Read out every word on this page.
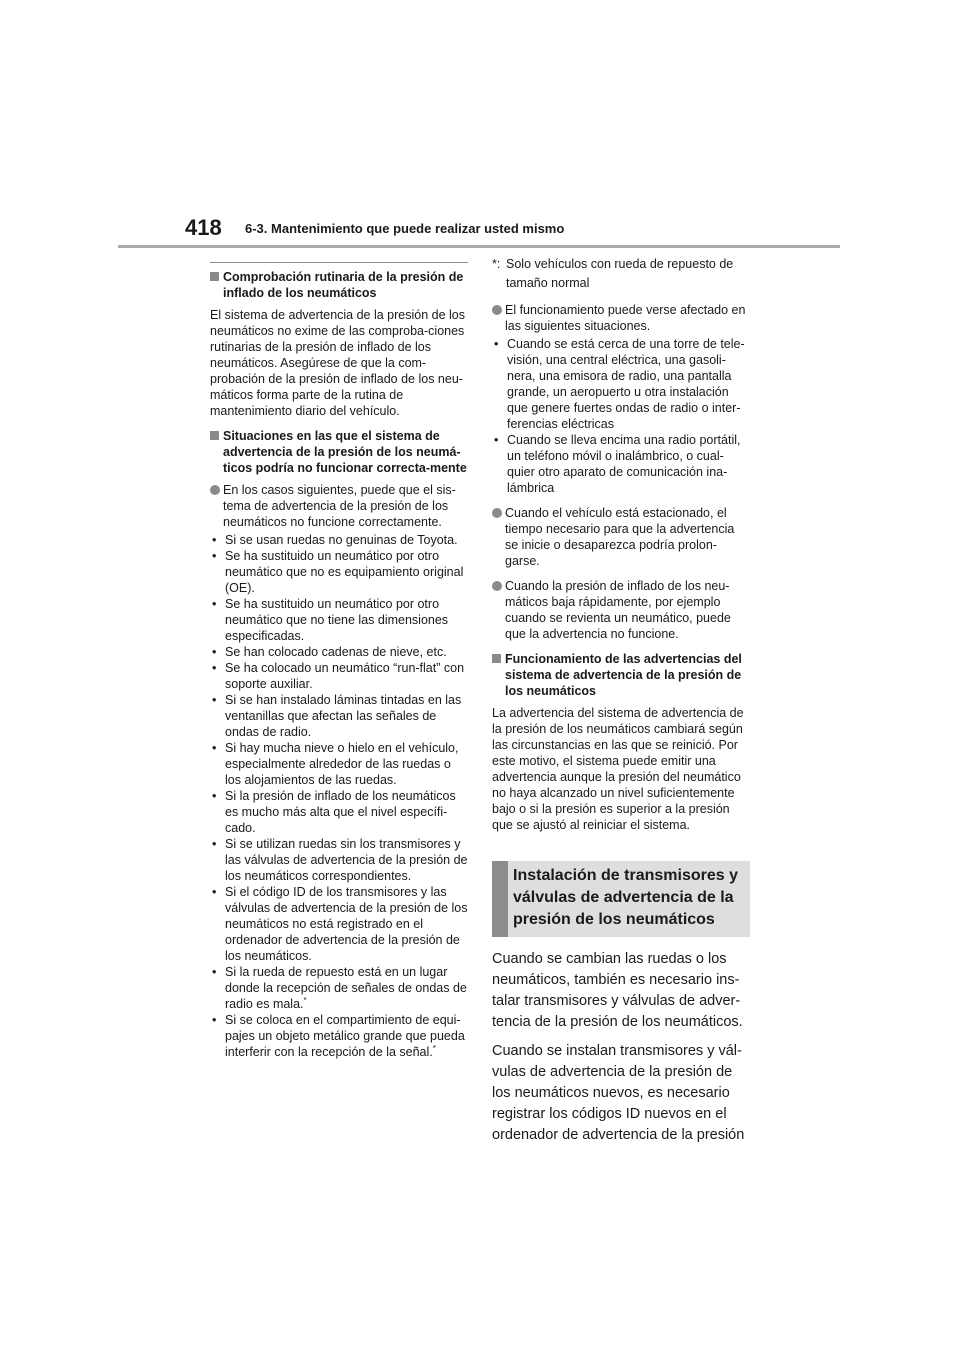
418 6-3. Mantenimiento que puede realizar usted mismo
Comprobación rutinaria de la presión de inflado de los neumáticos

El sistema de advertencia de la presión de los neumáticos no exime de las comproba-ciones rutinarias de la presión de inflado de los neumáticos. Asegúrese de que la com-probación de la presión de inflado de los neu-máticos forma parte de la rutina de mantenimiento diario del vehículo.

Situaciones en las que el sistema de advertencia de la presión de los neumá-ticos podría no funcionar correcta-mente
En los casos siguientes, puede que el sis-tema de advertencia de la presión de los neumáticos no funcione correctamente.
• Si se usan ruedas no genuinas de Toyota.
• Se ha sustituido un neumático por otro neumático que no es equipamiento original (OE).
• Se ha sustituido un neumático por otro neumático que no tiene las dimensiones especificadas.
• Se han colocado cadenas de nieve, etc.
• Se ha colocado un neumático “run-flat” con soporte auxiliar.
• Si se han instalado láminas tintadas en las ventanillas que afectan las señales de ondas de radio.
• Si hay mucha nieve o hielo en el vehículo, especialmente alrededor de las ruedas o los alojamientos de las ruedas.
• Si la presión de inflado de los neumáticos es mucho más alta que el nivel específi-cado.
• Si se utilizan ruedas sin los transmisores y las válvulas de advertencia de la presión de los neumáticos correspondientes.
• Si el código ID de los transmisores y las válvulas de advertencia de la presión de los neumáticos no está registrado en el ordenador de advertencia de la presión de los neumáticos.
• Si la rueda de repuesto está en un lugar donde la recepción de señales de ondas de radio es mala.*
• Si se coloca en el compartimiento de equi-pajes un objeto metálico grande que pueda interferir con la recepción de la señal.*
*: Solo vehículos con rueda de repuesto de tamaño normal
El funcionamiento puede verse afectado en las siguientes situaciones.
• Cuando se está cerca de una torre de tele-visión, una central eléctrica, una gasoli-nera, una emisora de radio, una pantalla grande, un aeropuerto u otra instalación que genere fuertes ondas de radio o inter-ferencias eléctricas
• Cuando se lleva encima una radio portátil, un teléfono móvil o inalámbrico, o cual-quier otro aparato de comunicación ina-lámbrica
Cuando el vehículo está estacionado, el tiempo necesario para que la advertencia se inicie o desaparezca podría prolon-garse.
Cuando la presión de inflado de los neu-máticos baja rápidamente, por ejemplo cuando se revienta un neumático, puede que la advertencia no funcione.
Funcionamiento de las advertencias del sistema de advertencia de la presión de los neumáticos

La advertencia del sistema de advertencia de la presión de los neumáticos cambiará según las circunstancias en las que se reinició. Por este motivo, el sistema puede emitir una advertencia aunque la presión del neumático no haya alcanzado un nivel suficientemente bajo o si la presión es superior a la presión que se ajustó al reiniciar el sistema.

Instalación de transmisores y válvulas de advertencia de la presión de los neumáticos

Cuando se cambian las ruedas o los neumáticos, también es necesario ins-talar transmisores y válvulas de adver-tencia de la presión de los neumáticos.

Cuando se instalan transmisores y vál-vulas de advertencia de la presión de los neumáticos nuevos, es necesario registrar los códigos ID nuevos en el ordenador de advertencia de la presión
